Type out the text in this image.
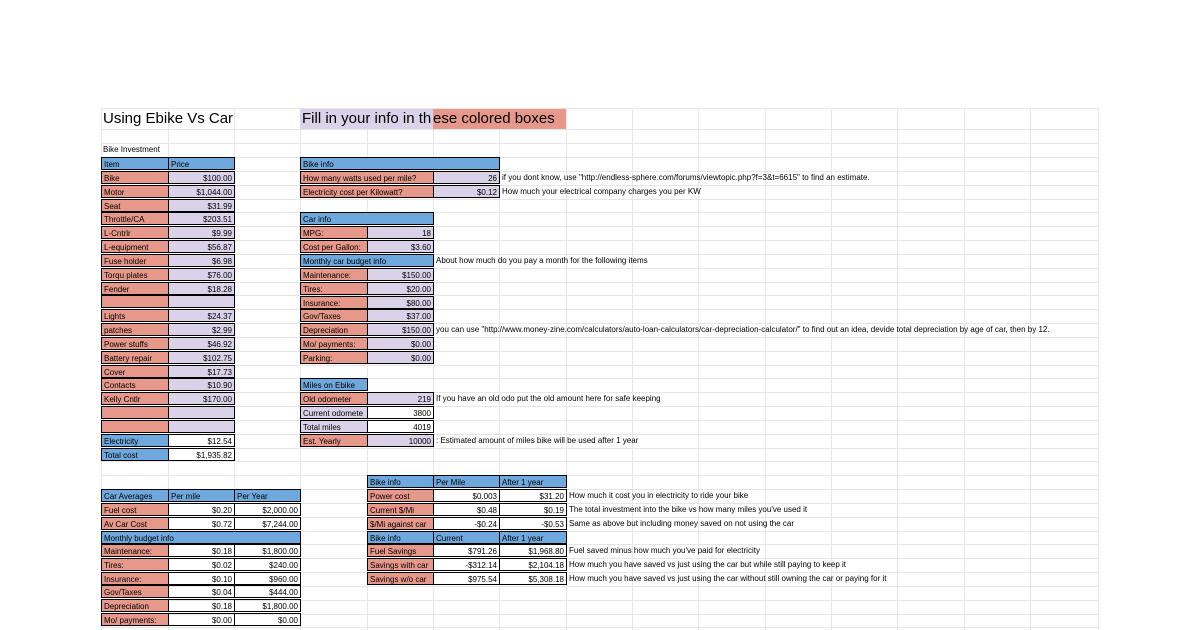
Using Ebike Vs Car	Fill in your info in th ese colored boxes
Bike Investment
Item	Price
Bike	$100.00
Motor	$1,044.00
Seat	$31.99
Throttle/CA	$203.51
L-Cntrlr	$9.99
L-equipment	$56.87
Fuse holder	$6.98
Torqu plates	$76.00
Fender	$18.28
Lights	$24.37
patches	$2.99
Power stuffs	$46.92
Battery repair	$102.75
Cover	$17.73
Contacts	$10.90
Kelly Cntlr	$170.00
Electricity	$12.54
Total cost	$1,935.82
Bike info
How many watts used per mile?	26 if you dont know, use "http://endless-sphere.com/forums/viewtopic.php?f=3&t=6615" to find an estimate.
Electricity cost per Kilowatt?	$0.12 How much your electrical company charges you per KW
Car info
MPG:	18
Cost per Gallon:	$3.60
Monthly car budget info	About how much do you pay a month for the following items
Maintenance:	$150.00
Tires:	$20.00
Insurance:	$80.00
Gov/Taxes	$37.00
Depreciation	$150.00 you can use "http://www.money-zine.com/calculators/auto-loan-calculators/car-depreciation-calculator/" to find out an idea, devide total depreciation by age of car, then by 12.
Mo/ payments:	$0.00
Parking:	$0.00
Miles on Ebike
Old odometer	219 If you have an old odo put the old amount here for safe keeping
Current odomete	3800
Total miles	4019
Est. Yearly	10000 : Estimated amount of miles bike will be used after 1 year
Car Averages	Per mile	Per Year
Monthly budget info
Fuel cost	$0.20	$2,000.00
Av Car Cost	$0.72	$7,244.00
Maintenance:	$0.18	$1,800.00
Tires:	$0.02	$240.00
Insurance:	$0.10	$960.00
Gov/Taxes	$0.04	$444.00
Depreciation	$0.18	$1,800.00
Mo/ payments:	$0.00	$0.00
Bike info	Per Mile	After 1 year
Bike info	Current	After 1 year
Power cost	$0.003	$31.20 How much it cost you in electricity to ride your bike
Current $/Mi	$0.48	$0.19 The total investment into the bike vs how many miles you've used it
$/Mi against car	-$0.24	-$0.53 Same as above but including money saved on not using the car
Fuel Savings	$791.26	$1,968.80 Fuel saved minus how much you've paid for electricity
Savings with car	-$312.14	$2,104.18 How much you have saved vs just using the car but while still paying to keep it
Savings w/o car	$975.54	$5,308.18 How much you have saved vs just using the car without still owning the car or paying for it
